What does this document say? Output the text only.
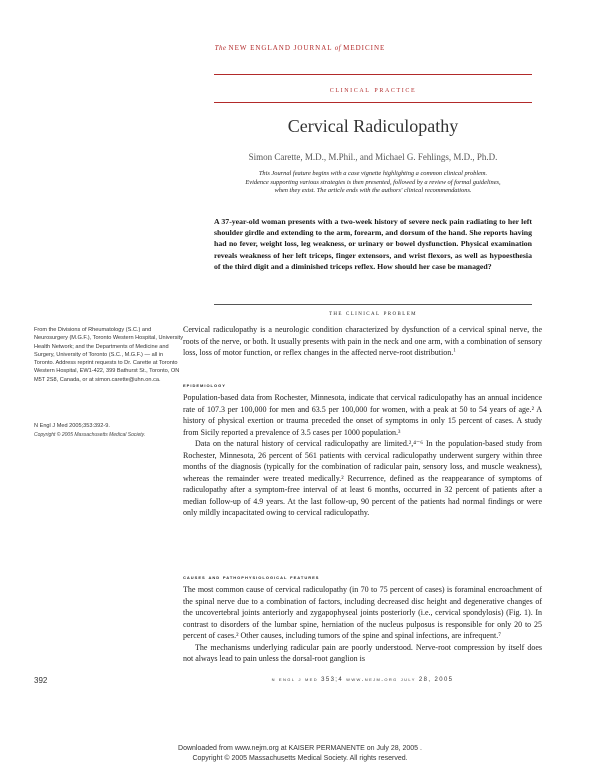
The NEW ENGLAND JOURNAL of MEDICINE
clinical practice
Cervical Radiculopathy
Simon Carette, M.D., M.Phil., and Michael G. Fehlings, M.D., Ph.D.
This Journal feature begins with a case vignette highlighting a common clinical problem.
Evidence supporting various strategies is then presented, followed by a review of formal guidelines,
when they exist. The article ends with the authors' clinical recommendations.
A 37-year-old woman presents with a two-week history of severe neck pain radiating to her left shoulder girdle and extending to the arm, forearm, and dorsum of the hand. She reports having had no fever, weight loss, leg weakness, or urinary or bowel dysfunction. Physical examination reveals weakness of her left triceps, finger extensors, and wrist flexors, as well as hypoesthesia of the third digit and a diminished triceps reflex. How should her case be managed?
the clinical problem

From the Divisions of Rheumatology (S.C.) and Neurosurgery (M.G.F.), Toronto Western Hospital, University Health Network; and the Departments of Medicine and Surgery, University of Toronto (S.C., M.G.F.) — all in Toronto. Address reprint requests to Dr. Carette at Toronto Western Hospital, EW1-422, 399 Bathurst St., Toronto, ON M5T 2S8, Canada, or at simon.carette@uhn.on.ca.

N Engl J Med 2005;353:392-9.
Copyright © 2005 Massachusetts Medical Society.

Cervical radiculopathy is a neurologic condition characterized by dysfunction of a cervical spinal nerve, the roots of the nerve, or both. It usually presents with pain in the neck and one arm, with a combination of sensory loss, loss of motor function, or reflex changes in the affected nerve-root distribution.$^1$

epidemiology

Population-based data from Rochester, Minnesota, indicate that cervical radiculopathy has an annual incidence rate of 107.3 per 100,000 for men and 63.5 per 100,000 for women, with a peak at 50 to 54 years of age.² A history of physical exertion or trauma preceded the onset of symptoms in only 15 percent of cases. A study from Sicily reported a prevalence of 3.5 cases per 1000 population.³

Data on the natural history of cervical radiculopathy are limited.²,⁴⁻⁶ In the population-based study from Rochester, Minnesota, 26 percent of 561 patients with cervical radiculopathy underwent surgery within three months of the diagnosis (typically for the combination of radicular pain, sensory loss, and muscle weakness), whereas the remainder were treated medically.² Recurrence, defined as the reappearance of symptoms of radiculopathy after a symptom-free interval of at least 6 months, occurred in 32 percent of patients after a median follow-up of 4.9 years. At the last follow-up, 90 percent of the patients had normal findings or were only mildly incapacitated owing to cervical radiculopathy.

causes and pathophysiological features

The most common cause of cervical radiculopathy (in 70 to 75 percent of cases) is foraminal encroachment of the spinal nerve due to a combination of factors, including decreased disc height and degenerative changes of the uncovertebral joints anteriorly and zygapophyseal joints posteriorly (i.e., cervical spondylosis) (Fig. 1). In contrast to disorders of the lumbar spine, herniation of the nucleus pulposus is responsible for only 20 to 25 percent of cases.² Other causes, including tumors of the spine and spinal infections, are infrequent.⁷

The mechanisms underlying radicular pain are poorly understood. Nerve-root compression by itself does not always lead to pain unless the dorsal-root ganglion is

392	n engl j med 353;4 www.nejm.org july 28, 2005
Downloaded from www.nejm.org at KAISER PERMANENTE on July 28, 2005 .
Copyright © 2005 Massachusetts Medical Society. All rights reserved.
